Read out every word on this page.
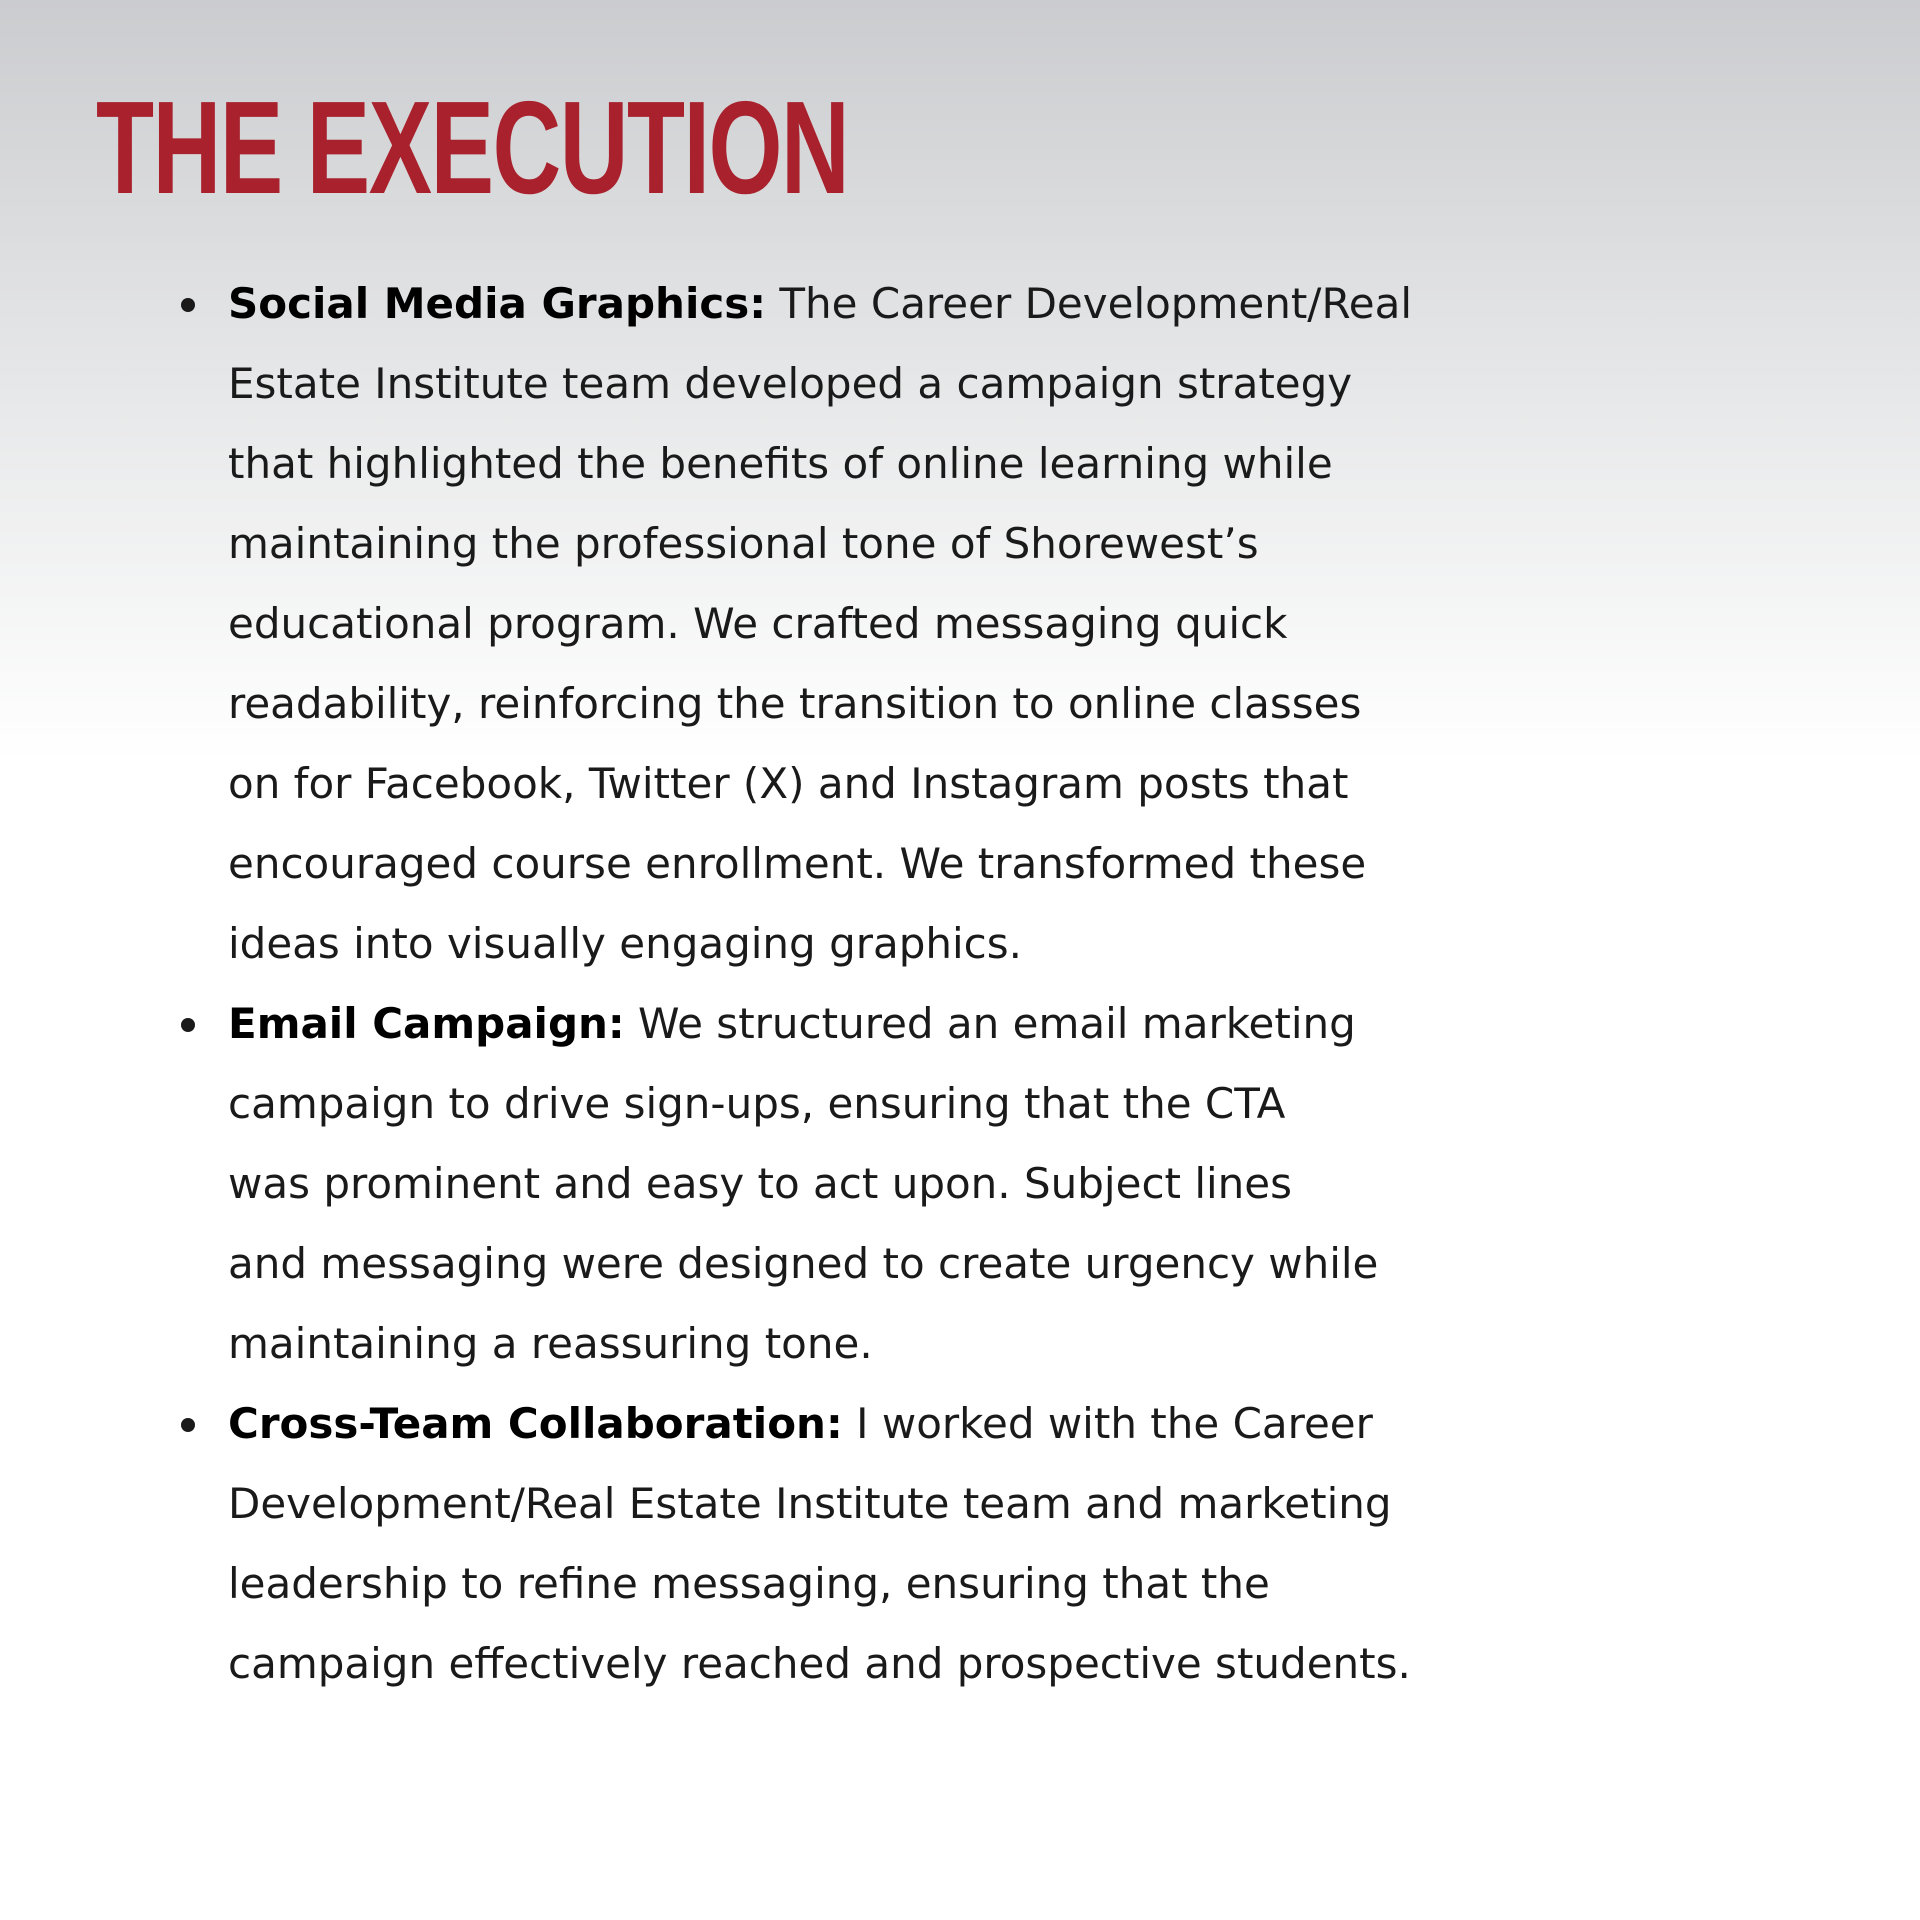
THE EXECUTION
Social Media Graphics: The Career Development/Real
Estate Institute team developed a campaign strategy
that highlighted the benefits of online learning while
maintaining the professional tone of Shorewest’s
educational program. We crafted messaging quick
readability, reinforcing the transition to online classes
on for Facebook, Twitter (X) and Instagram posts that
encouraged course enrollment. We transformed these
ideas into visually engaging graphics.
Email Campaign: We structured an email marketing
campaign to drive sign-ups, ensuring that the CTA
was prominent and easy to act upon. Subject lines
and messaging were designed to create urgency while
maintaining a reassuring tone.
Cross-Team Collaboration: I worked with the Career
Development/Real Estate Institute team and marketing
leadership to refine messaging, ensuring that the
campaign effectively reached and prospective students.
